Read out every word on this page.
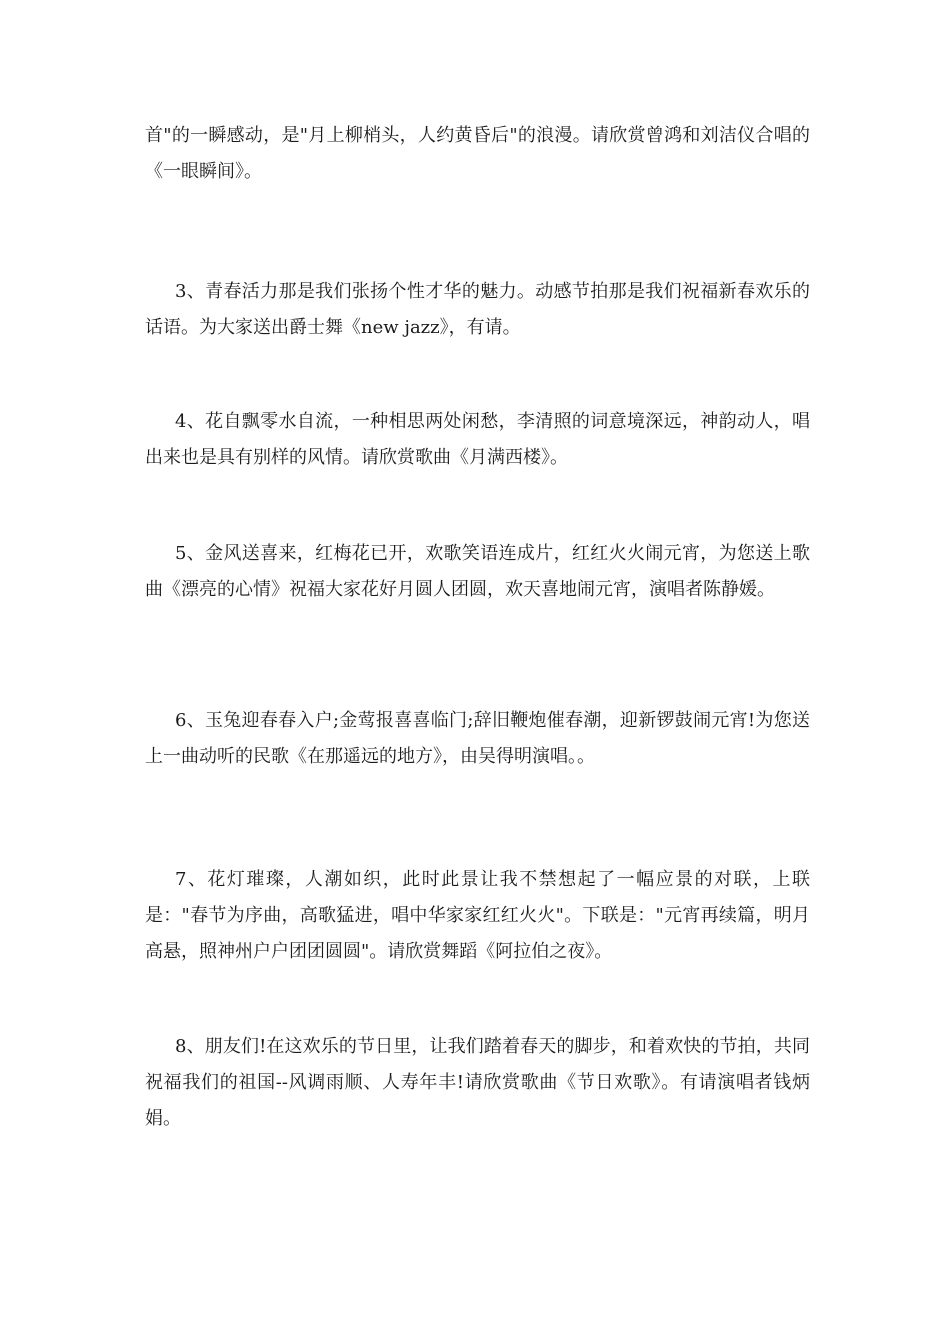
首"的一瞬感动，是"月上柳梢头，人约黄昏后"的浪漫。请欣赏曾鸿和刘洁仪合唱的《一眼瞬间》。

3、青春活力那是我们张扬个性才华的魅力。动感节拍那是我们祝福新春欢乐的话语。为大家送出爵士舞《new jazz》，有请。

4、花自飘零水自流，一种相思两处闲愁，李清照的词意境深远，神韵动人，唱出来也是具有别样的风情。请欣赏歌曲《月满西楼》。

5、金风送喜来，红梅花已开，欢歌笑语连成片，红红火火闹元宵，为您送上歌曲《漂亮的心情》祝福大家花好月圆人团圆，欢天喜地闹元宵，演唱者陈静媛。

6、玉兔迎春春入户;金莺报喜喜临门;辞旧鞭炮催春潮，迎新锣鼓闹元宵!为您送上一曲动听的民歌《在那遥远的地方》，由吴得明演唱。。

7、花灯璀璨，人潮如织，此时此景让我不禁想起了一幅应景的对联，上联是："春节为序曲，高歌猛进，唱中华家家红红火火"。下联是："元宵再续篇，明月高悬，照神州户户团团圆圆"。请欣赏舞蹈《阿拉伯之夜》。

8、朋友们!在这欢乐的节日里，让我们踏着春天的脚步，和着欢快的节拍，共同祝福我们的祖国--风调雨顺、人寿年丰!请欣赏歌曲《节日欢歌》。有请演唱者钱炳娟。
